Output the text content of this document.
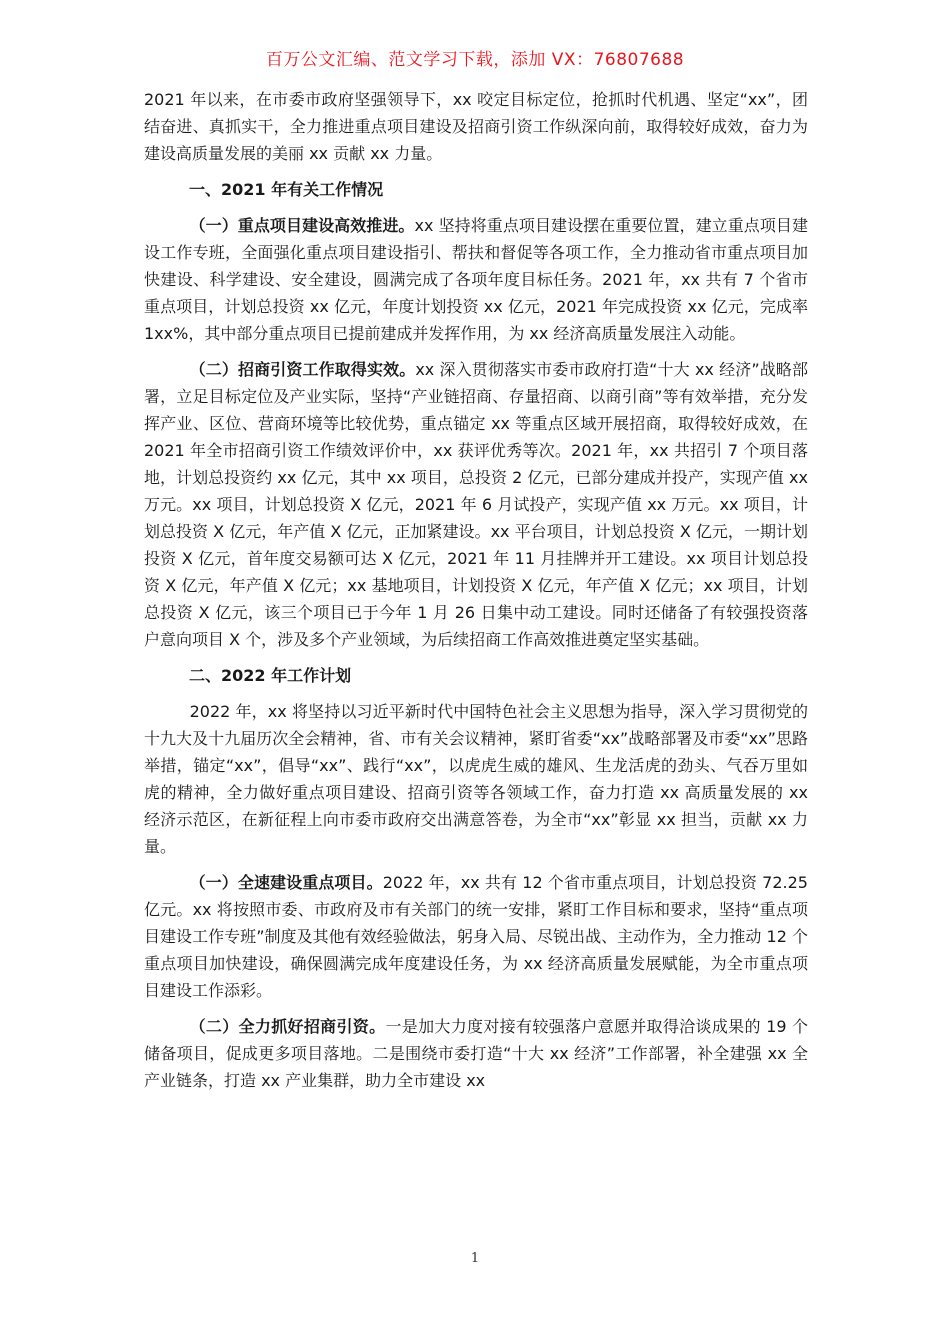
百万公文汇编、范文学习下载，添加 VX：76807688

2021 年以来，在市委市政府坚强领导下，xx 咬定目标定位，抢抓时代机遇、坚定“xx”，团结奋进、真抓实干，全力推进重点项目建设及招商引资工作纵深向前，取得较好成效，奋力为建设高质量发展的美丽 xx 贡献 xx 力量。

一、2021 年有关工作情况

（一）重点项目建设高效推进。xx 坚持将重点项目建设摆在重要位置，建立重点项目建设工作专班，全面强化重点项目建设指引、帮扶和督促等各项工作，全力推动省市重点项目加快建设、科学建设、安全建设，圆满完成了各项年度目标任务。2021 年，xx 共有 7 个省市重点项目，计划总投资 xx 亿元，年度计划投资 xx 亿元，2021 年完成投资 xx 亿元，完成率 1xx%，其中部分重点项目已提前建成并发挥作用，为 xx 经济高质量发展注入动能。

（二）招商引资工作取得实效。xx 深入贯彻落实市委市政府打造“十大 xx 经济”战略部署，立足目标定位及产业实际，坚持“产业链招商、存量招商、以商引商”等有效举措，充分发挥产业、区位、营商环境等比较优势，重点锚定 xx 等重点区域开展招商，取得较好成效，在 2021 年全市招商引资工作绩效评价中，xx 获评优秀等次。2021 年，xx 共招引 7 个项目落地，计划总投资约 xx 亿元，其中 xx 项目，总投资 2 亿元，已部分建成并投产，实现产值 xx 万元。xx 项目，计划总投资 X 亿元，2021 年 6 月试投产，实现产值 xx 万元。xx 项目，计划总投资 X 亿元，年产值 X 亿元，正加紧建设。xx 平台项目，计划总投资 X 亿元，一期计划投资 X 亿元，首年度交易额可达 X 亿元，2021 年 11 月挂牌并开工建设。xx 项目计划总投资 X 亿元，年产值 X 亿元；xx 基地项目，计划投资 X 亿元，年产值 X 亿元；xx 项目，计划总投资 X 亿元，该三个项目已于今年 1 月 26 日集中动工建设。同时还储备了有较强投资落户意向项目 X 个，涉及多个产业领域，为后续招商工作高效推进奠定坚实基础。

二、2022 年工作计划

2022 年，xx 将坚持以习近平新时代中国特色社会主义思想为指导，深入学习贯彻党的十九大及十九届历次全会精神，省、市有关会议精神，紧盯省委“xx”战略部署及市委“xx”思路举措，锚定“xx”，倡导“xx”、践行“xx”，以虎虎生威的雄风、生龙活虎的劲头、气吞万里如虎的精神，全力做好重点项目建设、招商引资等各领域工作，奋力打造 xx 高质量发展的 xx 经济示范区，在新征程上向市委市政府交出满意答卷，为全市“xx”彰显 xx 担当，贡献 xx 力量。

（一）全速建设重点项目。2022 年，xx 共有 12 个省市重点项目，计划总投资 72.25 亿元。xx 将按照市委、市政府及市有关部门的统一安排，紧盯工作目标和要求，坚持“重点项目建设工作专班”制度及其他有效经验做法，躬身入局、尽锐出战、主动作为，全力推动 12 个重点项目加快建设，确保圆满完成年度建设任务，为 xx 经济高质量发展赋能，为全市重点项目建设工作添彩。

（二）全力抓好招商引资。一是加大力度对接有较强落户意愿并取得洽谈成果的 19 个储备项目，促成更多项目落地。二是围绕市委打造“十大 xx 经济”工作部署，补全建强 xx 全产业链条，打造 xx 产业集群，助力全市建设 xx

1
